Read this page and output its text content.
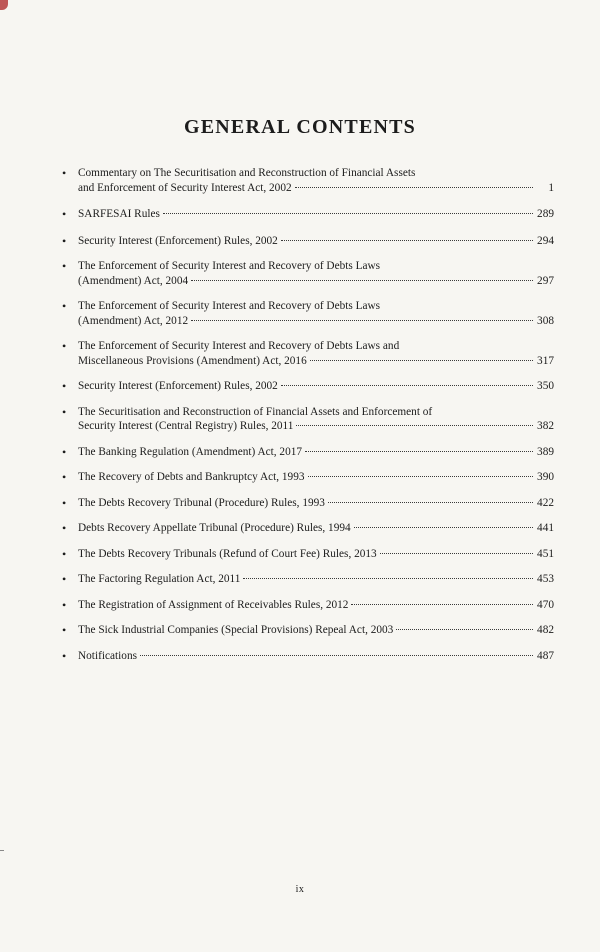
GENERAL CONTENTS
• Commentary on The Securitisation and Reconstruction of Financial Assets
and Enforcement of Security Interest Act, 2002	1
• SARFESAI Rules	289
• Security Interest (Enforcement) Rules, 2002	294
• The Enforcement of Security Interest and Recovery of Debts Laws
(Amendment) Act, 2004	297
• The Enforcement of Security Interest and Recovery of Debts Laws
(Amendment) Act, 2012	308
• The Enforcement of Security Interest and Recovery of Debts Laws and
Miscellaneous Provisions (Amendment) Act, 2016	317
• Security Interest (Enforcement) Rules, 2002	350
• The Securitisation and Reconstruction of Financial Assets and Enforcement of
Security Interest (Central Registry) Rules, 2011	382
• The Banking Regulation (Amendment) Act, 2017	389
• The Recovery of Debts and Bankruptcy Act, 1993	390
• The Debts Recovery Tribunal (Procedure) Rules, 1993	422
• Debts Recovery Appellate Tribunal (Procedure) Rules, 1994	441
• The Debts Recovery Tribunals (Refund of Court Fee) Rules, 2013	451
• The Factoring Regulation Act, 2011	453
• The Registration of Assignment of Receivables Rules, 2012	470
• The Sick Industrial Companies (Special Provisions) Repeal Act, 2003	482
• Notifications	487
ix
